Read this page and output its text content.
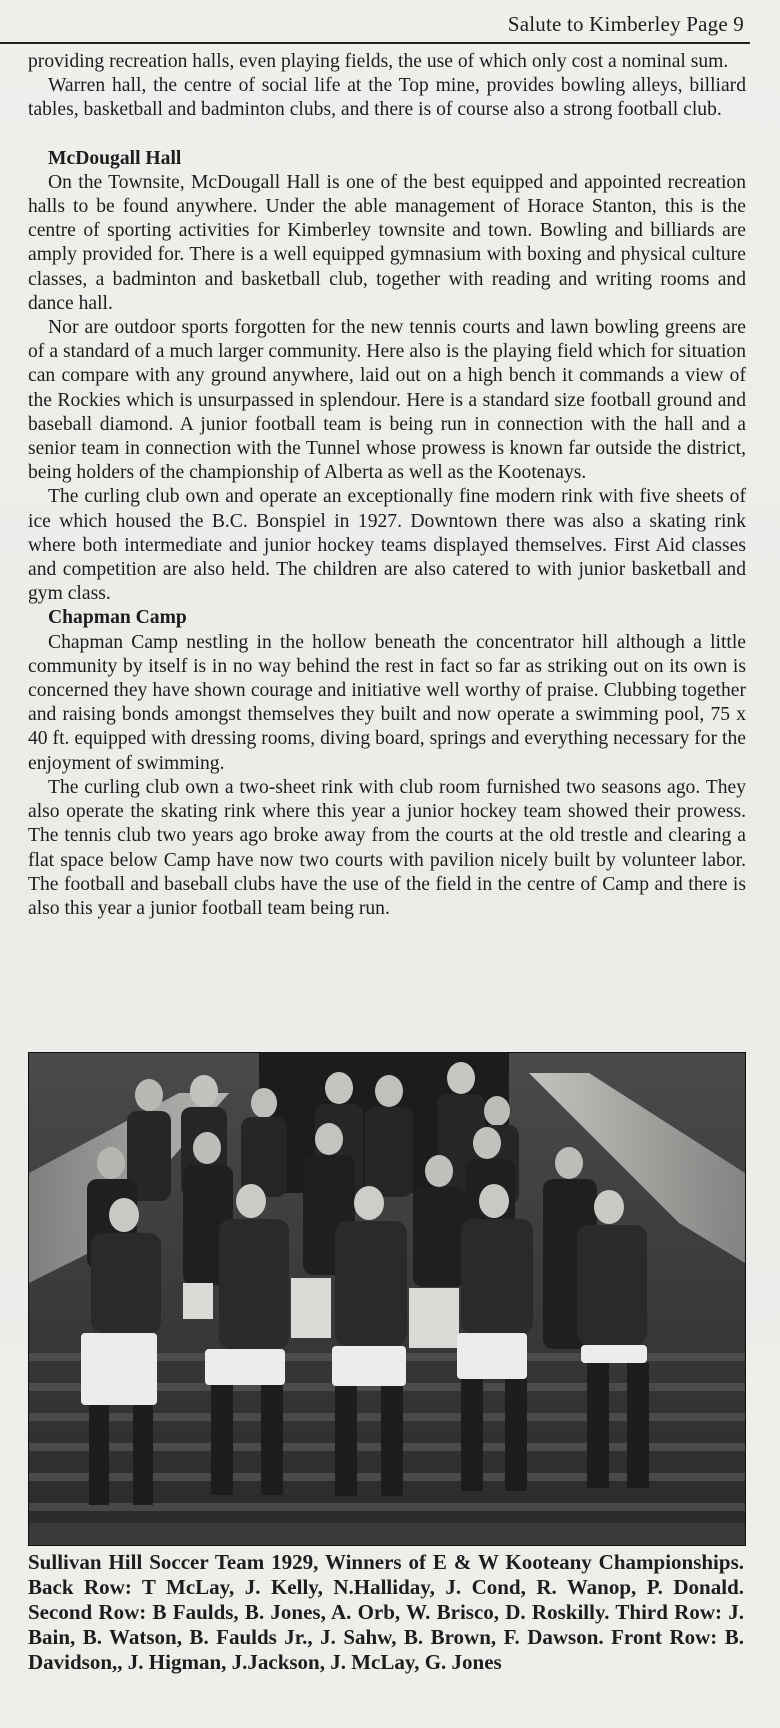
Salute to Kimberley Page 9

providing recreation halls, even playing fields, the use of which only cost a nominal sum.

Warren hall, the centre of social life at the Top mine, provides bowling alleys, billiard tables, basketball and badminton clubs, and there is of course also a strong football club.

McDougall Hall

On the Townsite, McDougall Hall is one of the best equipped and appointed recreation halls to be found anywhere. Under the able management of Horace Stanton, this is the centre of sporting activities for Kimberley townsite and town. Bowling and billiards are amply provided for. There is a well equipped gymnasium with boxing and physical culture classes, a badminton and basketball club, together with reading and writing rooms and dance hall.

Nor are outdoor sports forgotten for the new tennis courts and lawn bowling greens are of a standard of a much larger community. Here also is the playing field which for situation can compare with any ground anywhere, laid out on a high bench it commands a view of the Rockies which is unsurpassed in splendour. Here is a standard size football ground and baseball diamond. A junior football team is being run in connection with the hall and a senior team in connection with the Tunnel whose prowess is known far outside the district, being holders of the championship of Alberta as well as the Kootenays.

The curling club own and operate an exceptionally fine modern rink with five sheets of ice which housed the B.C. Bonspiel in 1927. Downtown there was also a skating rink where both intermediate and junior hockey teams displayed themselves. First Aid classes and competition are also held. The children are also catered to with junior basketball and gym class.

Chapman Camp

Chapman Camp nestling in the hollow beneath the concentrator hill although a little community by itself is in no way behind the rest in fact so far as striking out on its own is concerned they have shown courage and initiative well worthy of praise. Clubbing together and raising bonds amongst themselves they built and now operate a swimming pool, 75 x 40 ft. equipped with dressing rooms, diving board, springs and everything necessary for the enjoyment of swimming.

The curling club own a two-sheet rink with club room furnished two seasons ago. They also operate the skating rink where this year a junior hockey team showed their prowess. The tennis club two years ago broke away from the courts at the old trestle and clearing a flat space below Camp have now two courts with pavilion nicely built by volunteer labor. The football and baseball clubs have the use of the field in the centre of Camp and there is also this year a junior football team being run.

Sullivan Hill Soccer Team 1929, Winners of E & W Kooteany Championships. Back Row: T McLay, J. Kelly, N.Halliday, J. Cond, R. Wanop, P. Donald. Second Row: B Faulds, B. Jones, A. Orb, W. Brisco, D. Roskilly. Third Row: J. Bain, B. Watson, B. Faulds Jr., J. Sahw, B. Brown, F. Dawson. Front Row: B. Davidson,, J. Higman, J.Jackson, J. McLay, G. Jones
